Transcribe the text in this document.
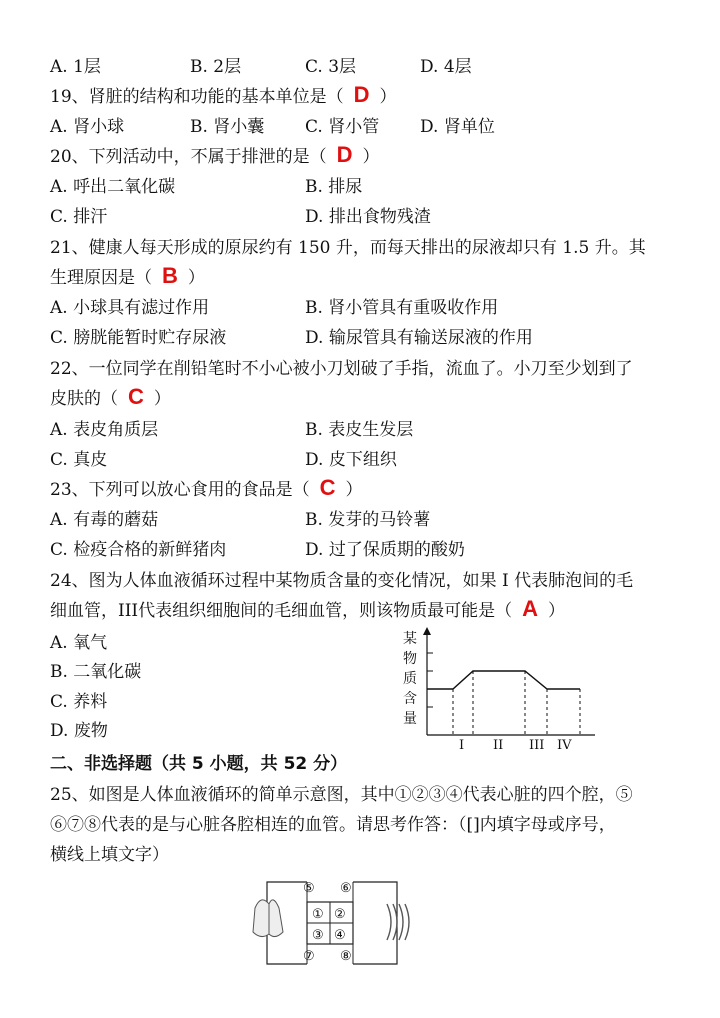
A. 1层	B. 2层	C. 3层	D. 4层
19、肾脏的结构和功能的基本单位是（ D ）
A. 肾小球	B. 肾小囊 C. 肾小管 D. 肾单位
20、下列活动中，不属于排泄的是（ D ）
A. 呼出二氧化碳	B. 排尿
C. 排汗	D. 排出食物残渣
21、健康人每天形成的原尿约有 150 升，而每天排出的尿液却只有 1.5 升。其
生理原因是（ B ）
A. 小球具有滤过作用	B. 肾小管具有重吸收作用
C. 膀胱能暂时贮存尿液	D. 输尿管具有输送尿液的作用
22、一位同学在削铅笔时不小心被小刀划破了手指，流血了。小刀至少划到了
皮肤的（ C ）
A. 表皮角质层	B. 表皮生发层
C. 真皮	D. 皮下组织
23、下列可以放心食用的食品是（ C ）
A. 有毒的蘑菇	B. 发芽的马铃薯
C. 检疫合格的新鲜猪肉	D. 过了保质期的酸奶
24、图为人体血液循环过程中某物质含量的变化情况，如果 I 代表肺泡间的毛
细血管，III代表组织细胞间的毛细血管，则该物质最可能是（ A ）
A. 氧气
B. 二氧化碳
C. 养料
D. 废物
某
物
质
含
量
I II III IV
二、非选择题（共 5 小题，共 52 分）
25、如图是人体血液循环的简单示意图，其中①②③④代表心脏的四个腔，⑤
⑥⑦⑧代表的是与心脏各腔相连的血管。请思考作答：（[]内填字母或序号，
横线上填文字）
① ②
③ ④
⑤ ⑥
⑦ ⑧
